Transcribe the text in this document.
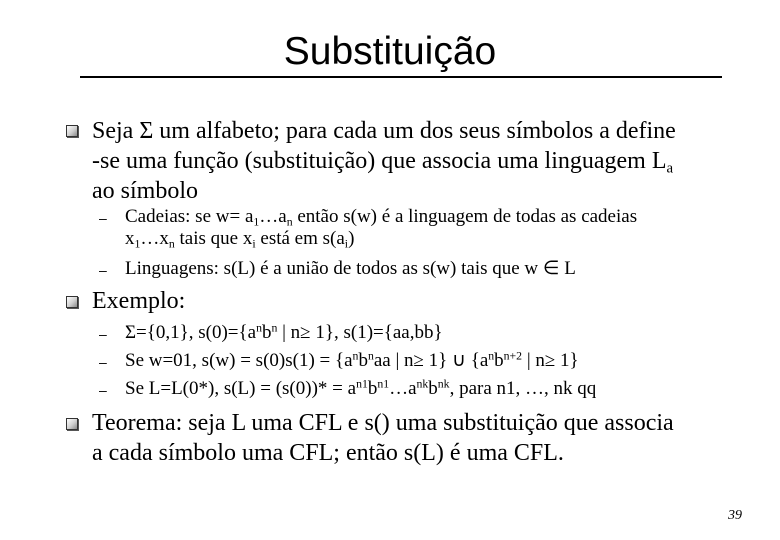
Substituição
Seja Σ um alfabeto; para cada um dos seus símbolos a define
-se uma função (substituição) que associa uma linguagem $L_a$
ao símbolo
– Cadeias: se $w= a_1\dots a_n$ então s(w) é a linguagem de todas as cadeias
$x_1\dots x_n$ tais que $x_i$ está em $s(a_i)$
– Linguagens: s(L) é a união de todos as s(w) tais que w ∈ L
Exemplo:
– Σ={0,1}, $s(0)=\{a^nb^n$ | n≥ 1}, s(1)={aa,bb}
– Se w=01, $s(w) = s(0)s(1) = \{a^nb^naa$ | n≥ 1} ∪ {$a^nb^{n+2}$ | n≥ 1}
– Se L=L(0*), $s(L) = (s(0))* = a^{n1}b^{n1}\dots a^{nk}b^{nk}$, para n1, …, nk qq
Teorema: seja L uma CFL e s() uma substituição que associa
a cada símbolo uma CFL; então s(L) é uma CFL.
39
